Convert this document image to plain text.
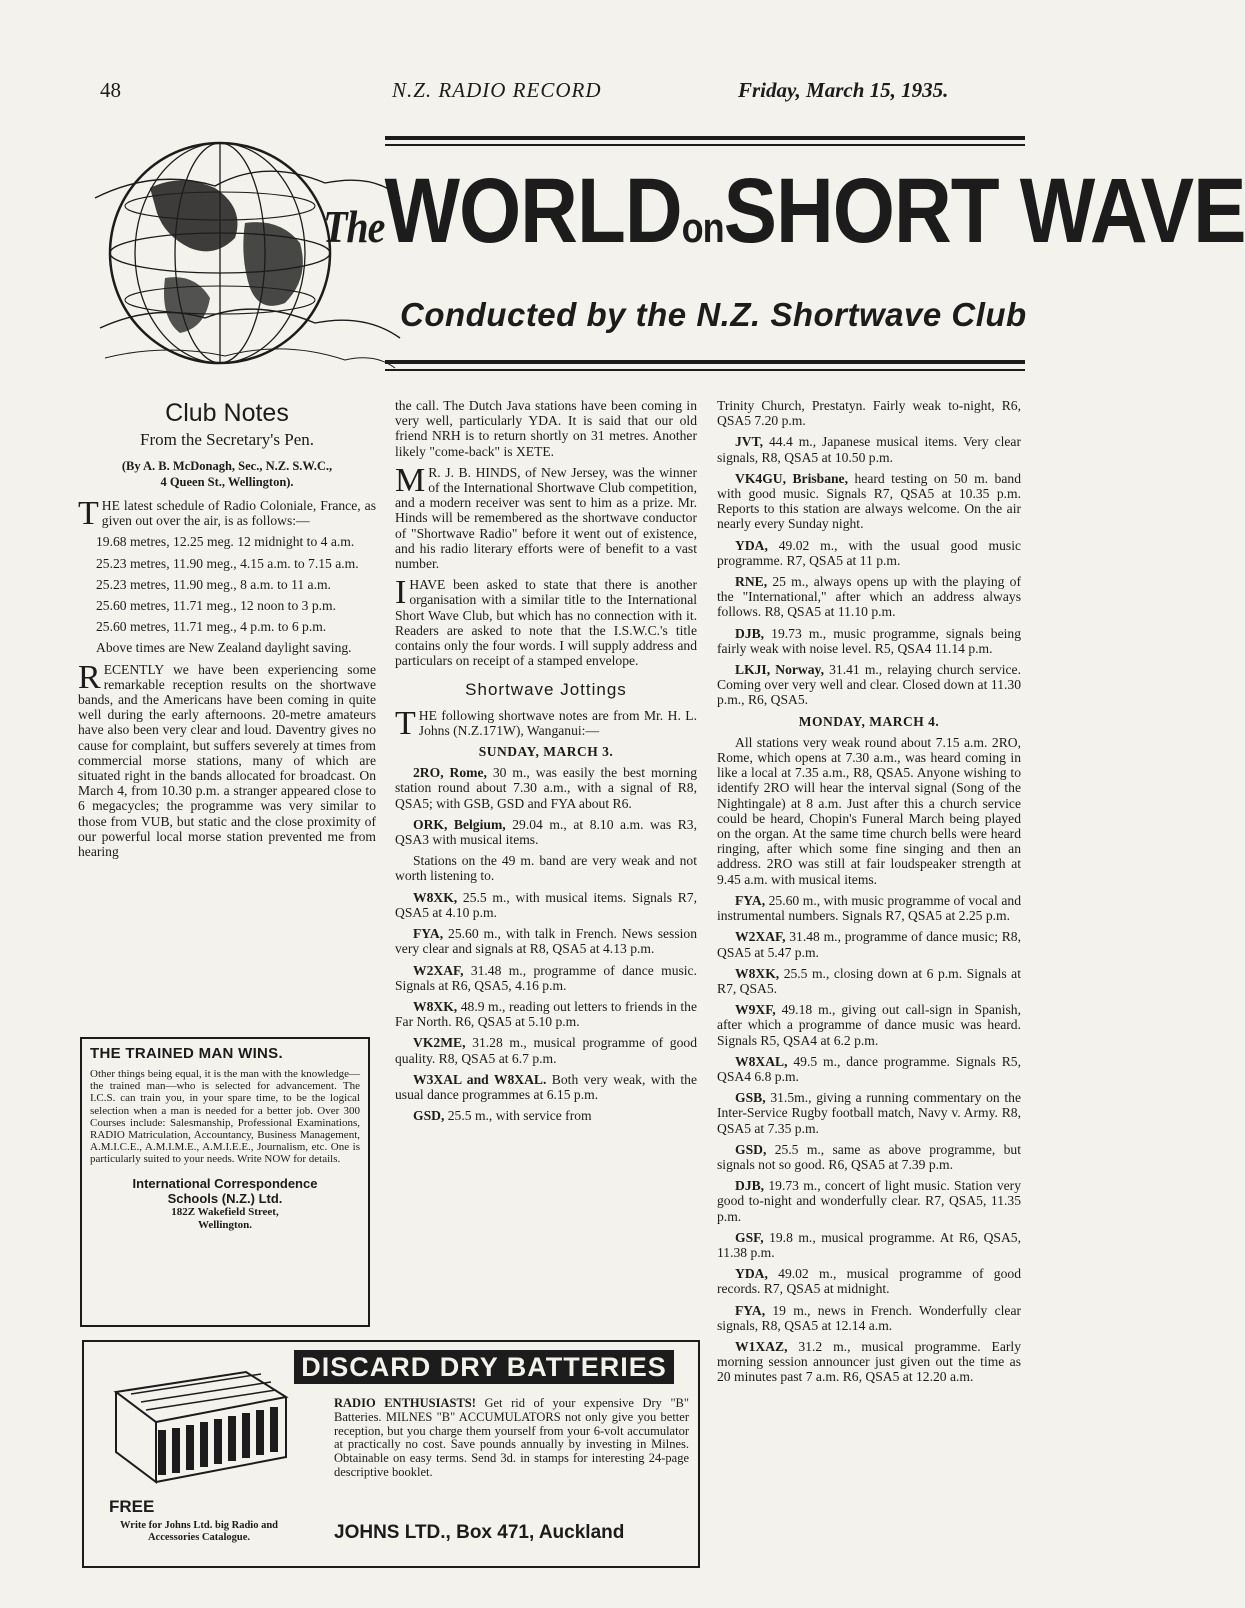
48	N.Z. RADIO RECORD	Friday, March 15, 1935.
TheWORLDonSHORT WAVE
Conducted by the N.Z. Shortwave Club
Club Notes
From the Secretary's Pen.
(By A. B. McDonagh, Sec., N.Z. S.W.C.,
4 Queen St., Wellington).

THE latest schedule of Radio Coloniale, France, as given out over the air, is as follows:—

19.68 metres, 12.25 meg. 12 midnight to 4 a.m.

25.23 metres, 11.90 meg., 4.15 a.m. to 7.15 a.m.

25.23 metres, 11.90 meg., 8 a.m. to 11 a.m.

25.60 metres, 11.71 meg., 12 noon to 3 p.m.

25.60 metres, 11.71 meg., 4 p.m. to 6 p.m.

Above times are New Zealand daylight saving.

RECENTLY we have been experiencing some remarkable reception results on the shortwave bands, and the Americans have been coming in quite well during the early afternoons. 20-metre amateurs have also been very clear and loud. Daventry gives no cause for complaint, but suffers severely at times from commercial morse stations, many of which are situated right in the bands allocated for broadcast. On March 4, from 10.30 p.m. a stranger appeared close to 6 megacycles; the programme was very similar to those from VUB, but static and the close proximity of our powerful local morse station prevented me from hearing

THE TRAINED MAN WINS.
Other things being equal, it is the man with the knowledge—the trained man—who is selected for advancement. The I.C.S. can train you, in your spare time, to be the logical selection when a man is needed for a better job. Over 300 Courses include: Salesmanship, Professional Examinations, RADIO Matriculation, Accountancy, Business Management, A.M.I.C.E., A.M.I.M.E., A.M.I.E.E., Journalism, etc. One is particularly suited to your needs. Write NOW for details.
International Correspondence
Schools (N.Z.) Ltd.
182Z Wakefield Street,
Wellington.

the call. The Dutch Java stations have been coming in very well, particularly YDA. It is said that our old friend NRH is to return shortly on 31 metres. Another likely "come-back" is XETE.

M R. J. B. HINDS, of New Jersey, was the winner of the International Shortwave Club competition, and a modern receiver was sent to him as a prize. Mr. Hinds will be remembered as the shortwave conductor of "Shortwave Radio" before it went out of existence, and his radio literary efforts were of benefit to a vast number.

IHAVE been asked to state that there is another organisation with a similar title to the International Short Wave Club, but which has no connection with it. Readers are asked to note that the I.S.W.C.'s title contains only the four words. I will supply address and particulars on receipt of a stamped envelope.

Shortwave Jottings

THE following shortwave notes are from Mr. H. L. Johns (N.Z.171W), Wanganui:—

SUNDAY, MARCH 3.

2RO, Rome, 30 m., was easily the best morning station round about 7.30 a.m., with a signal of R8, QSA5; with GSB, GSD and FYA about R6.

ORK, Belgium, 29.04 m., at 8.10 a.m. was R3, QSA3 with musical items.

Stations on the 49 m. band are very weak and not worth listening to.

W8XK, 25.5 m., with musical items. Signals R7, QSA5 at 4.10 p.m.

FYA, 25.60 m., with talk in French. News session very clear and signals at R8, QSA5 at 4.13 p.m.

W2XAF, 31.48 m., programme of dance music. Signals at R6, QSA5, 4.16 p.m.

W8XK, 48.9 m., reading out letters to friends in the Far North. R6, QSA5 at 5.10 p.m.

VK2ME, 31.28 m., musical programme of good quality. R8, QSA5 at 6.7 p.m.

W3XAL and W8XAL. Both very weak, with the usual dance programmes at 6.15 p.m.

GSD, 25.5 m., with service from

Trinity Church, Prestatyn. Fairly weak to-night, R6, QSA5 7.20 p.m.

JVT, 44.4 m., Japanese musical items. Very clear signals, R8, QSA5 at 10.50 p.m.

VK4GU, Brisbane, heard testing on 50 m. band with good music. Signals R7, QSA5 at 10.35 p.m. Reports to this station are always welcome. On the air nearly every Sunday night.

YDA, 49.02 m., with the usual good music programme. R7, QSA5 at 11 p.m.

RNE, 25 m., always opens up with the playing of the "International," after which an address always follows. R8, QSA5 at 11.10 p.m.

DJB, 19.73 m., music programme, signals being fairly weak with noise level. R5, QSA4 11.14 p.m.

LKJI, Norway, 31.41 m., relaying church service. Coming over very well and clear. Closed down at 11.30 p.m., R6, QSA5.

MONDAY, MARCH 4.

All stations very weak round about 7.15 a.m. 2RO, Rome, which opens at 7.30 a.m., was heard coming in like a local at 7.35 a.m., R8, QSA5. Anyone wishing to identify 2RO will hear the interval signal (Song of the Nightingale) at 8 a.m. Just after this a church service could be heard, Chopin's Funeral March being played on the organ. At the same time church bells were heard ringing, after which some fine singing and then an address. 2RO was still at fair loudspeaker strength at 9.45 a.m. with musical items.

FYA, 25.60 m., with music programme of vocal and instrumental numbers. Signals R7, QSA5 at 2.25 p.m.

W2XAF, 31.48 m., programme of dance music; R8, QSA5 at 5.47 p.m.

W8XK, 25.5 m., closing down at 6 p.m. Signals at R7, QSA5.

W9XF, 49.18 m., giving out call-sign in Spanish, after which a programme of dance music was heard. Signals R5, QSA4 at 6.2 p.m.

W8XAL, 49.5 m., dance programme. Signals R5, QSA4 6.8 p.m.

GSB, 31.5m., giving a running commentary on the Inter-Service Rugby football match, Navy v. Army. R8, QSA5 at 7.35 p.m.

GSD, 25.5 m., same as above programme, but signals not so good. R6, QSA5 at 7.39 p.m.

DJB, 19.73 m., concert of light music. Station very good to-night and wonderfully clear. R7, QSA5, 11.35 p.m.

GSF, 19.8 m., musical programme. At R6, QSA5, 11.38 p.m.

YDA, 49.02 m., musical programme of good records. R7, QSA5 at midnight.

FYA, 19 m., news in French. Wonderfully clear signals, R8, QSA5 at 12.14 a.m.

W1XAZ, 31.2 m., musical programme. Early morning session announcer just given out the time as 20 minutes past 7 a.m. R6, QSA5 at 12.20 a.m.

DISCARD DRY BATTERIES
RADIO ENTHUSIASTS! Get rid of your expensive Dry "B" Batteries. MILNES "B" ACCUMULATORS not only give you better reception, but you charge them yourself from your 6-volt accumulator at practically no cost. Save pounds annually by investing in Milnes. Obtainable on easy terms. Send 3d. in stamps for interesting 24-page descriptive booklet.
FREE
Write for Johns Ltd. big Radio and Accessories Catalogue.	JOHNS LTD., Box 471, Auckland
